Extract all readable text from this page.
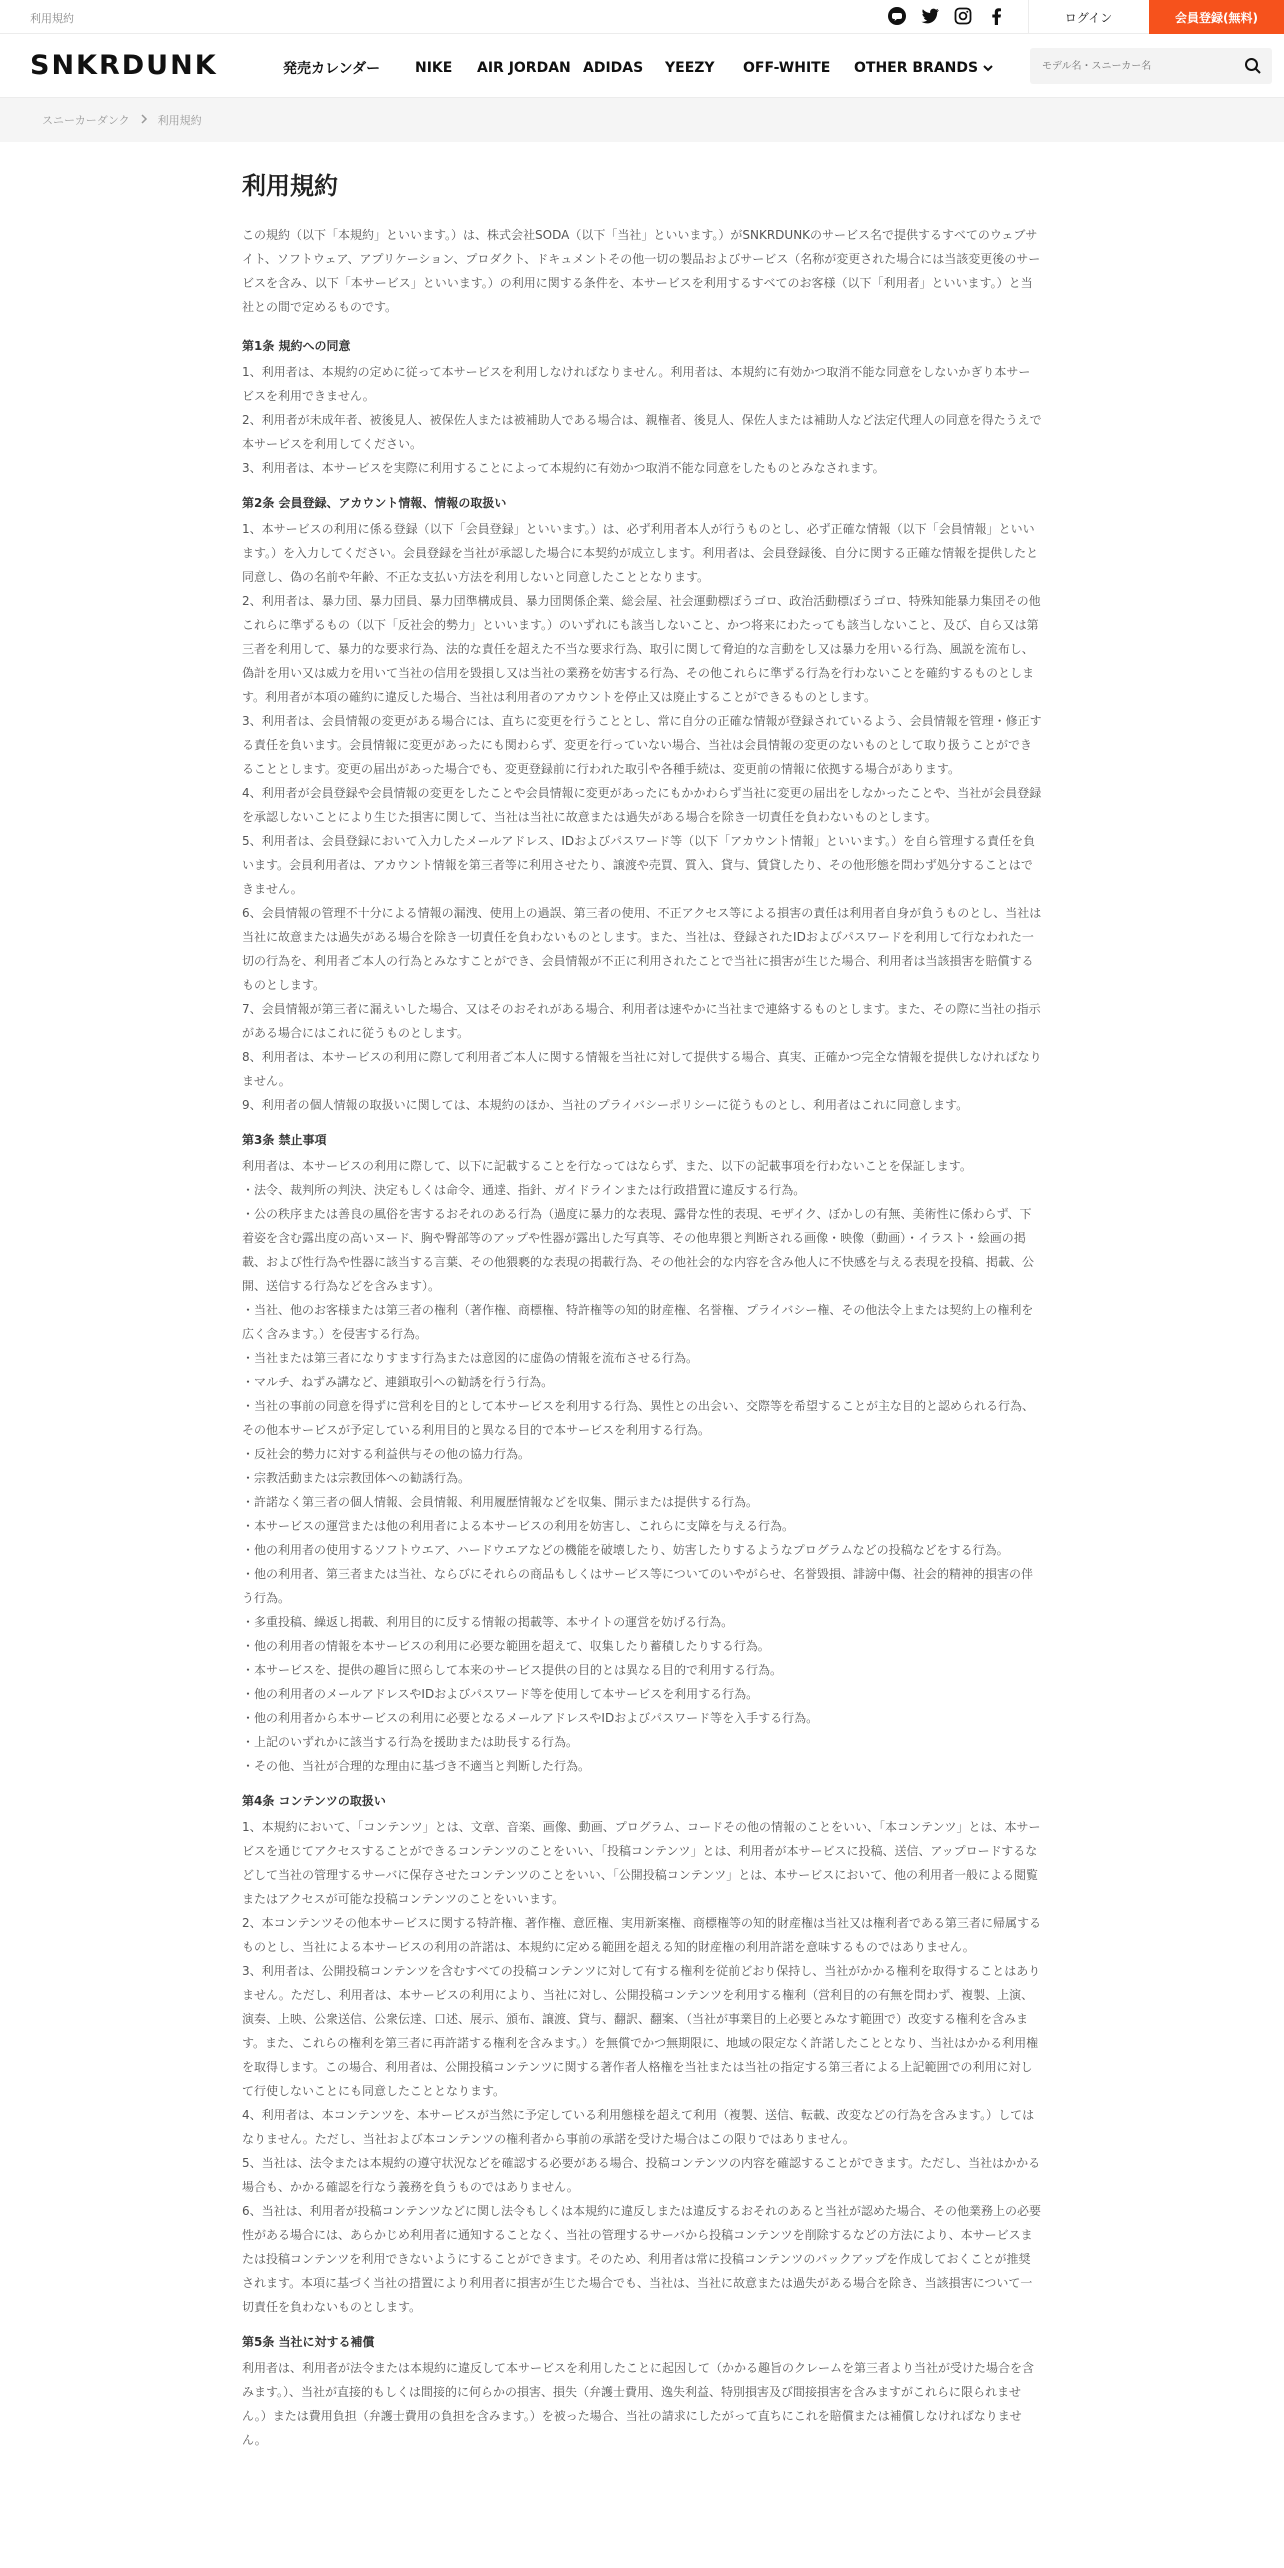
利用規約	ログイン	会員登録(無料)
SNKRDUNK	発売カレンダー	NIKE	AIR JORDAN ADIDAS	YEEZY	OFF-WHITE	OTHER BRANDS
モデル名・スニーカー名
スニーカーダンク	利用規約
利用規約

この規約（以下「本規約」といいます。）は、株式会社SODA（以下「当社」といいます。）がSNKRDUNKのサービス名で提供するすべてのウェブサイト、ソフトウェア、アプリケーション、プロダクト、ドキュメントその他一切の製品およびサービス（名称が変更された場合には当該変更後のサービスを含み、以下「本サービス」といいます。）の利用に関する条件を、本サービスを利用するすべてのお客様（以下「利用者」といいます。）と当社との間で定めるものです。

第1条 規約への同意

1、利用者は、本規約の定めに従って本サービスを利用しなければなりません。利用者は、本規約に有効かつ取消不能な同意をしないかぎり本サービスを利用できません。

2、利用者が未成年者、被後見人、被保佐人または被補助人である場合は、親権者、後見人、保佐人または補助人など法定代理人の同意を得たうえで本サービスを利用してください。

3、利用者は、本サービスを実際に利用することによって本規約に有効かつ取消不能な同意をしたものとみなされます。

第2条 会員登録、アカウント情報、情報の取扱い

1、本サービスの利用に係る登録（以下「会員登録」といいます。）は、必ず利用者本人が行うものとし、必ず正確な情報（以下「会員情報」といいます。）を入力してください。会員登録を当社が承認した場合に本契約が成立します。利用者は、会員登録後、自分に関する正確な情報を提供したと同意し、偽の名前や年齢、不正な支払い方法を利用しないと同意したこととなります。

2、利用者は、暴力団、暴力団員、暴力団準構成員、暴力団関係企業、総会屋、社会運動標ぼうゴロ、政治活動標ぼうゴロ、特殊知能暴力集団その他これらに準ずるもの（以下「反社会的勢力」といいます。）のいずれにも該当しないこと、かつ将来にわたっても該当しないこと、及び、自ら又は第三者を利用して、暴力的な要求行為、法的な責任を超えた不当な要求行為、取引に関して脅迫的な言動をし又は暴力を用いる行為、風説を流布し、偽計を用い又は威力を用いて当社の信用を毀損し又は当社の業務を妨害する行為、その他これらに準ずる行為を行わないことを確約するものとします。利用者が本項の確約に違反した場合、当社は利用者のアカウントを停止又は廃止することができるものとします。

3、利用者は、会員情報の変更がある場合には、直ちに変更を行うこととし、常に自分の正確な情報が登録されているよう、会員情報を管理・修正する責任を負います。会員情報に変更があったにも関わらず、変更を行っていない場合、当社は会員情報の変更のないものとして取り扱うことができることとします。変更の届出があった場合でも、変更登録前に行われた取引や各種手続は、変更前の情報に依拠する場合があります。

4、利用者が会員登録や会員情報の変更をしたことや会員情報に変更があったにもかかわらず当社に変更の届出をしなかったことや、当社が会員登録を承認しないことにより生じた損害に関して、当社は当社に故意または過失がある場合を除き一切責任を負わないものとします。

5、利用者は、会員登録において入力したメールアドレス、IDおよびパスワード等（以下「アカウント情報」といいます。）を自ら管理する責任を負います。会員利用者は、アカウント情報を第三者等に利用させたり、譲渡や売買、質入、貸与、賃貸したり、その他形態を問わず処分することはできません。

6、会員情報の管理不十分による情報の漏洩、使用上の過誤、第三者の使用、不正アクセス等による損害の責任は利用者自身が負うものとし、当社は当社に故意または過失がある場合を除き一切責任を負わないものとします。また、当社は、登録されたIDおよびパスワードを利用して行なわれた一切の行為を、利用者ご本人の行為とみなすことができ、会員情報が不正に利用されたことで当社に損害が生じた場合、利用者は当該損害を賠償するものとします。

7、会員情報が第三者に漏えいした場合、又はそのおそれがある場合、利用者は速やかに当社まで連絡するものとします。また、その際に当社の指示がある場合にはこれに従うものとします。

8、利用者は、本サービスの利用に際して利用者ご本人に関する情報を当社に対して提供する場合、真実、正確かつ完全な情報を提供しなければなりません。

9、利用者の個人情報の取扱いに関しては、本規約のほか、当社のプライバシーポリシーに従うものとし、利用者はこれに同意します。

第3条 禁止事項

利用者は、本サービスの利用に際して、以下に記載することを行なってはならず、また、以下の記載事項を行わないことを保証します。

・法令、裁判所の判決、決定もしくは命令、通達、指針、ガイドラインまたは行政措置に違反する行為。

・公の秩序または善良の風俗を害するおそれのある行為（過度に暴力的な表現、露骨な性的表現、モザイク、ぼかしの有無、美術性に係わらず、下着姿を含む露出度の高いヌード、胸や臀部等のアップや性器が露出した写真等、その他卑猥と判断される画像・映像（動画）・イラスト・絵画の掲載、および性行為や性器に該当する言葉、その他猥褻的な表現の掲載行為、その他社会的な内容を含み他人に不快感を与える表現を投稿、掲載、公開、送信する行為などを含みます）。

・当社、他のお客様または第三者の権利（著作権、商標権、特許権等の知的財産権、名誉権、プライバシー権、その他法令上または契約上の権利を広く含みます。）を侵害する行為。

・当社または第三者になりすます行為または意図的に虚偽の情報を流布させる行為。

・マルチ、ねずみ講など、連鎖取引への勧誘を行う行為。

・当社の事前の同意を得ずに営利を目的として本サービスを利用する行為、異性との出会い、交際等を希望することが主な目的と認められる行為、その他本サービスが予定している利用目的と異なる目的で本サービスを利用する行為。

・反社会的勢力に対する利益供与その他の協力行為。

・宗教活動または宗教団体への勧誘行為。

・許諾なく第三者の個人情報、会員情報、利用履歴情報などを収集、開示または提供する行為。

・本サービスの運営または他の利用者による本サービスの利用を妨害し、これらに支障を与える行為。

・他の利用者の使用するソフトウエア、ハードウエアなどの機能を破壊したり、妨害したりするようなプログラムなどの投稿などをする行為。

・他の利用者、第三者または当社、ならびにそれらの商品もしくはサービス等についてのいやがらせ、名誉毀損、誹謗中傷、社会的精神的損害の伴う行為。

・多重投稿、繰返し掲載、利用目的に反する情報の掲載等、本サイトの運営を妨げる行為。

・他の利用者の情報を本サービスの利用に必要な範囲を超えて、収集したり蓄積したりする行為。

・本サービスを、提供の趣旨に照らして本来のサービス提供の目的とは異なる目的で利用する行為。

・他の利用者のメールアドレスやIDおよびパスワード等を使用して本サービスを利用する行為。

・他の利用者から本サービスの利用に必要となるメールアドレスやIDおよびパスワード等を入手する行為。

・上記のいずれかに該当する行為を援助または助長する行為。

・その他、当社が合理的な理由に基づき不適当と判断した行為。

第4条 コンテンツの取扱い

1、本規約において、「コンテンツ」とは、文章、音楽、画像、動画、プログラム、コードその他の情報のことをいい、「本コンテンツ」とは、本サービスを通じてアクセスすることができるコンテンツのことをいい、「投稿コンテンツ」とは、利用者が本サービスに投稿、送信、アップロードするなどして当社の管理するサーバに保存させたコンテンツのことをいい、「公開投稿コンテンツ」とは、本サービスにおいて、他の利用者一般による閲覧またはアクセスが可能な投稿コンテンツのことをいいます。

2、本コンテンツその他本サービスに関する特許権、著作権、意匠権、実用新案権、商標権等の知的財産権は当社又は権利者である第三者に帰属するものとし、当社による本サービスの利用の許諾は、本規約に定める範囲を超える知的財産権の利用許諾を意味するものではありません。

3、利用者は、公開投稿コンテンツを含むすべての投稿コンテンツに対して有する権利を従前どおり保持し、当社がかかる権利を取得することはありません。ただし、利用者は、本サービスの利用により、当社に対し、公開投稿コンテンツを利用する権利（営利目的の有無を問わず、複製、上演、演奏、上映、公衆送信、公衆伝達、口述、展示、頒布、譲渡、貸与、翻訳、翻案、（当社が事業目的上必要とみなす範囲で）改変する権利を含みます。また、これらの権利を第三者に再許諾する権利を含みます。）を無償でかつ無期限に、地域の限定なく許諾したこととなり、当社はかかる利用権を取得します。この場合、利用者は、公開投稿コンテンツに関する著作者人格権を当社または当社の指定する第三者による上記範囲での利用に対して行使しないことにも同意したこととなります。

4、利用者は、本コンテンツを、本サービスが当然に予定している利用態様を超えて利用（複製、送信、転載、改変などの行為を含みます。）してはなりません。ただし、当社および本コンテンツの権利者から事前の承諾を受けた場合はこの限りではありません。

5、当社は、法令または本規約の遵守状況などを確認する必要がある場合、投稿コンテンツの内容を確認することができます。ただし、当社はかかる場合も、かかる確認を行なう義務を負うものではありません。

6、当社は、利用者が投稿コンテンツなどに関し法令もしくは本規約に違反しまたは違反するおそれのあると当社が認めた場合、その他業務上の必要性がある場合には、あらかじめ利用者に通知することなく、当社の管理するサーバから投稿コンテンツを削除するなどの方法により、本サービスまたは投稿コンテンツを利用できないようにすることができます。そのため、利用者は常に投稿コンテンツのバックアップを作成しておくことが推奨されます。本項に基づく当社の措置により利用者に損害が生じた場合でも、当社は、当社に故意または過失がある場合を除き、当該損害について一切責任を負わないものとします。

第5条 当社に対する補償

利用者は、利用者が法令または本規約に違反して本サービスを利用したことに起因して（かかる趣旨のクレームを第三者より当社が受けた場合を含みます。）、当社が直接的もしくは間接的に何らかの損害、損失（弁護士費用、逸失利益、特別損害及び間接損害を含みますがこれらに限られません。）または費用負担（弁護士費用の負担を含みます。）を被った場合、当社の請求にしたがって直ちにこれを賠償または補償しなければなりません。
